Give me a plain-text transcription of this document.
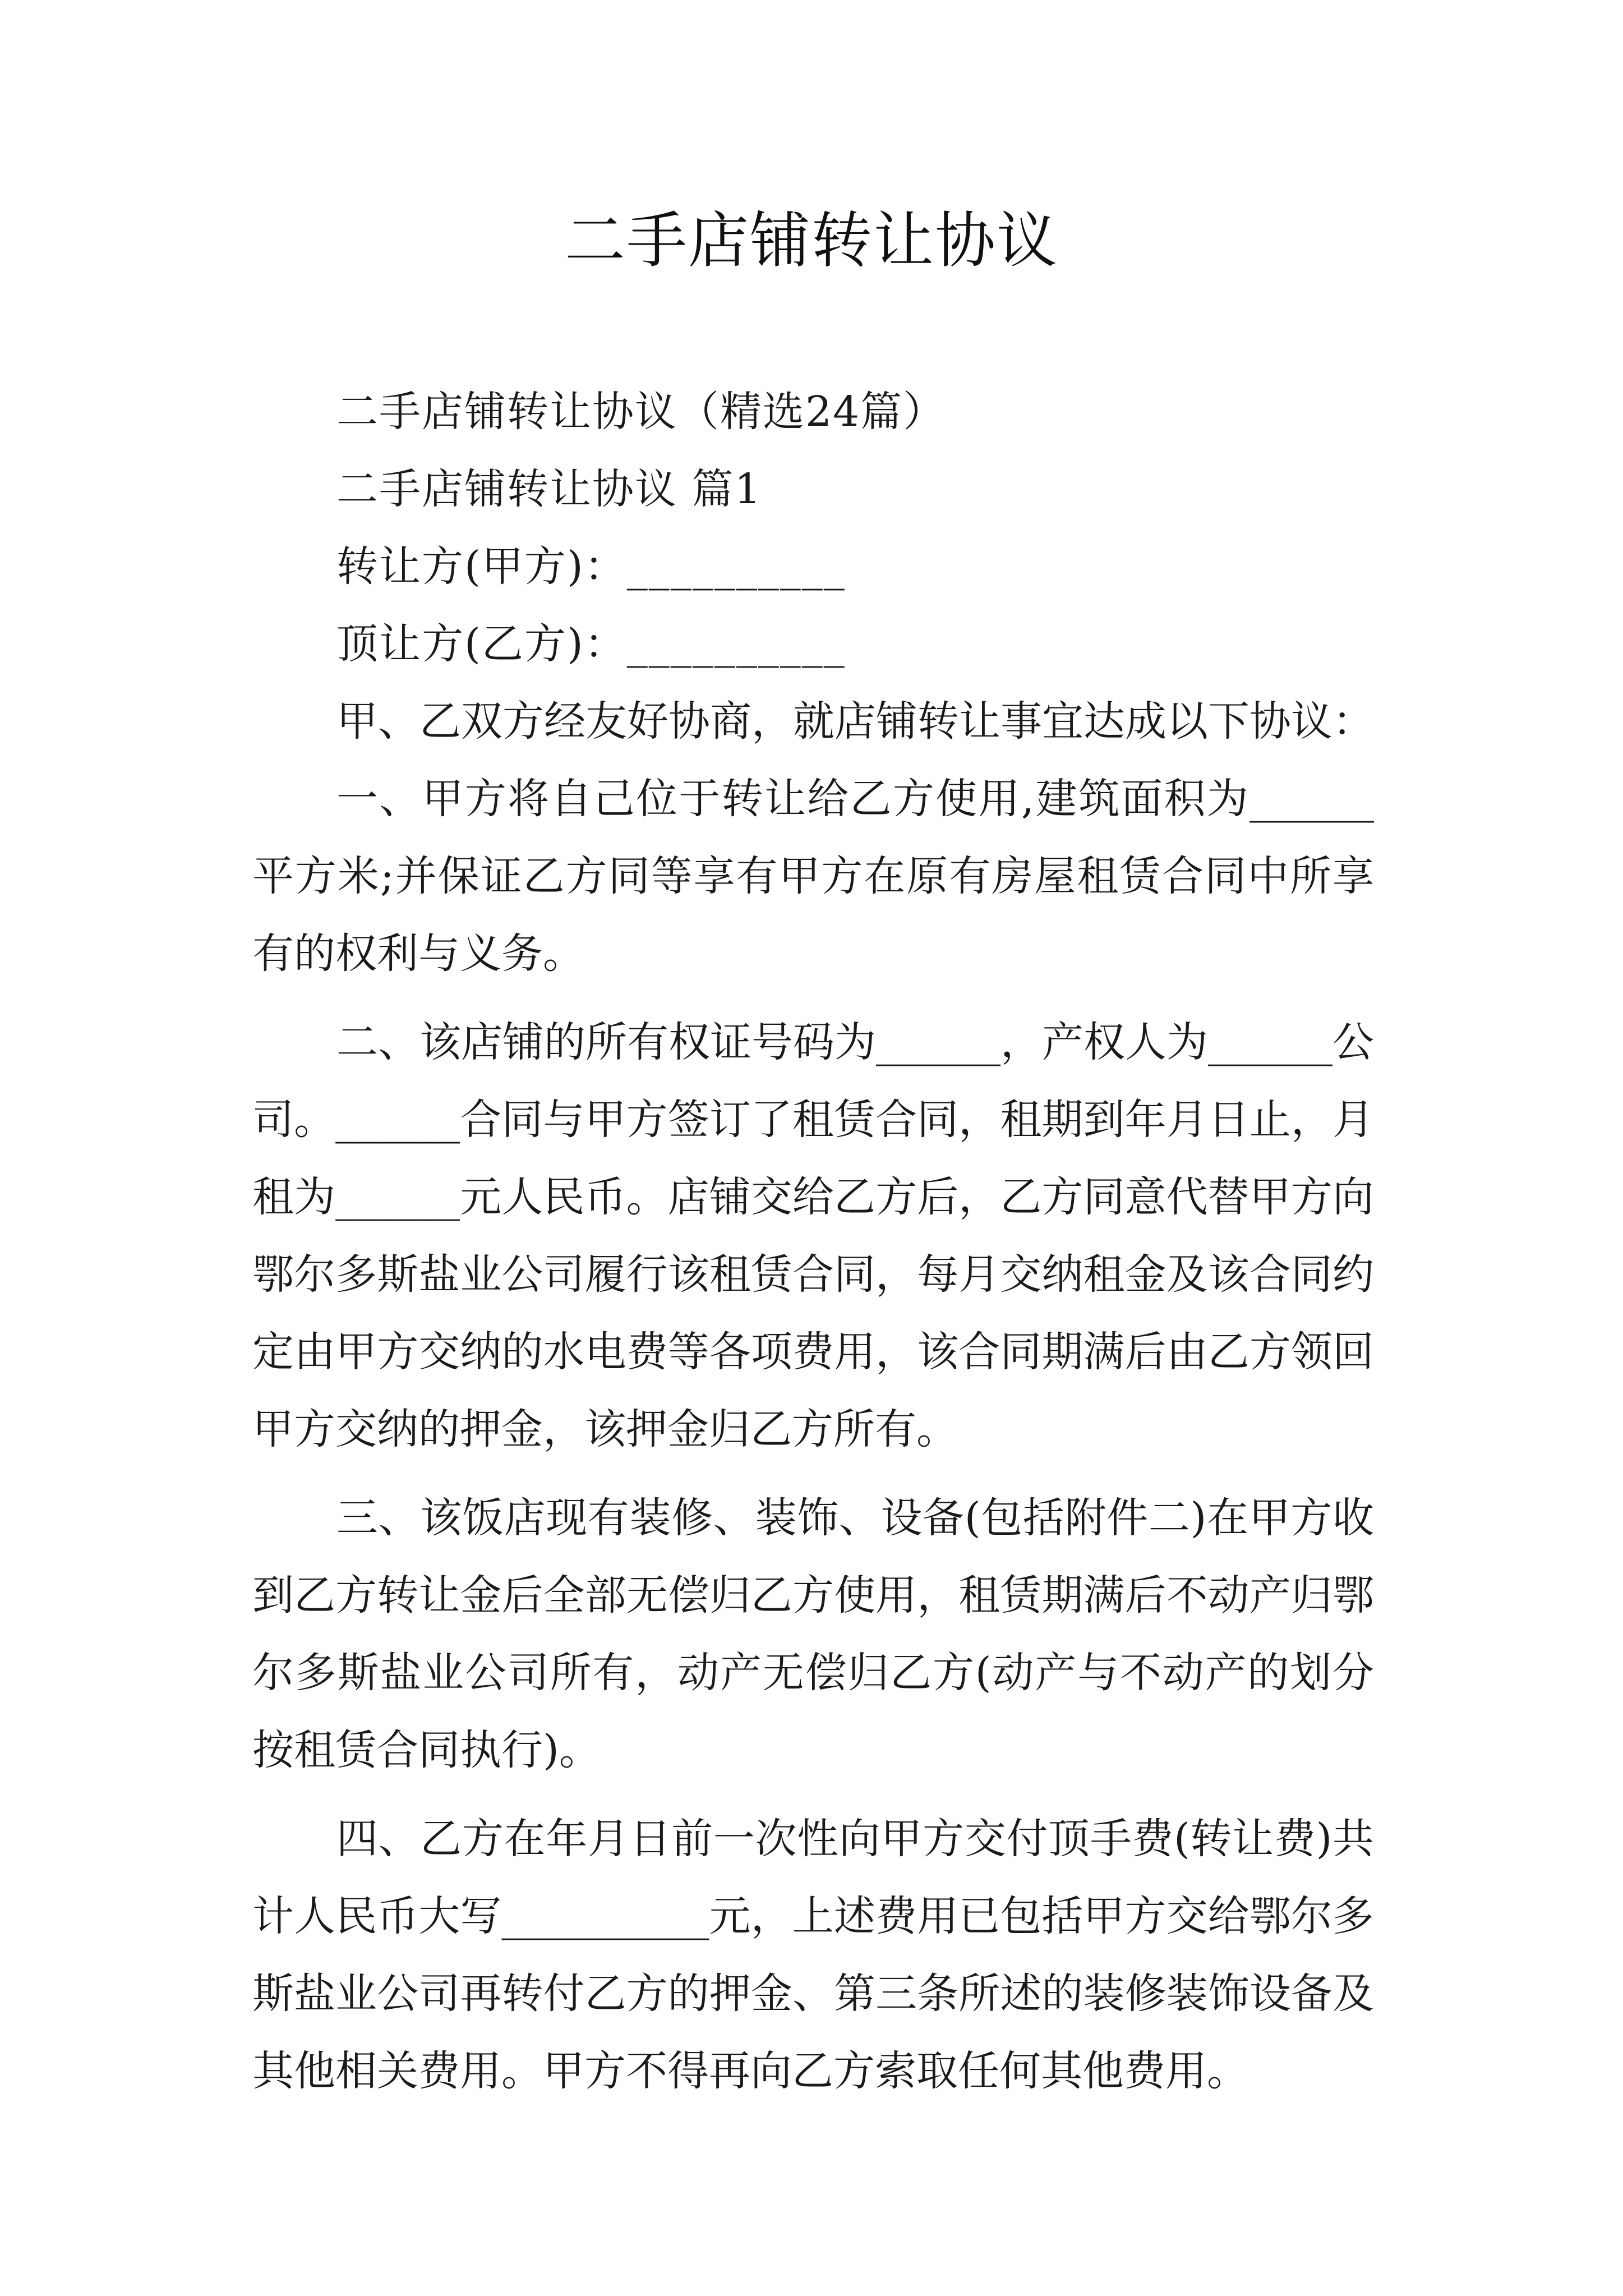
二手店铺转让协议

二手店铺转让协议（精选24篇）

二手店铺转让协议 篇1

转让方(甲方)：__________

顶让方(乙方)：__________

甲、乙双方经友好协商，就店铺转让事宜达成以下协议：

一、甲方将自己位于转让给乙方使用,建筑面积为______平方米;并保证乙方同等享有甲方在原有房屋租赁合同中所享有的权利与义务。

二、该店铺的所有权证号码为______，产权人为______公司。______合同与甲方签订了租赁合同，租期到年月日止，月租为______元人民币。店铺交给乙方后，乙方同意代替甲方向鄂尔多斯盐业公司履行该租赁合同，每月交纳租金及该合同约定由甲方交纳的水电费等各项费用，该合同期满后由乙方领回甲方交纳的押金，该押金归乙方所有。

三、该饭店现有装修、装饰、设备(包括附件二)在甲方收到乙方转让金后全部无偿归乙方使用，租赁期满后不动产归鄂尔多斯盐业公司所有，动产无偿归乙方(动产与不动产的划分按租赁合同执行)。

四、乙方在年月日前一次性向甲方交付顶手费(转让费)共计人民币大写__________元，上述费用已包括甲方交给鄂尔多斯盐业公司再转付乙方的押金、第三条所述的装修装饰设备及其他相关费用。甲方不得再向乙方索取任何其他费用。
